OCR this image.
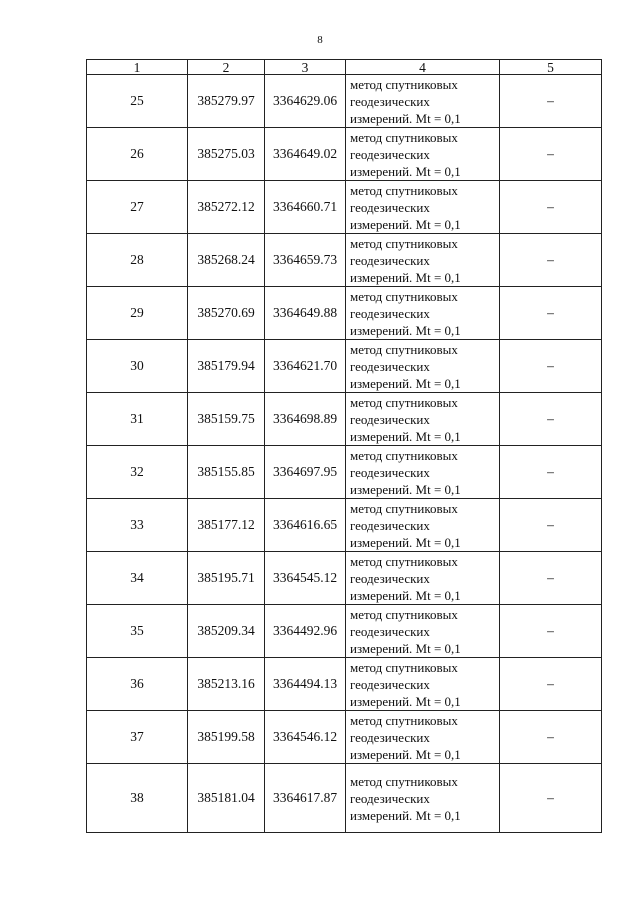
8
1	2	3	4	5
25	385279.97	3364629.06	метод спутниковых
геодезических
измерений. Mt = 0,1	–
26	385275.03	3364649.02	метод спутниковых
геодезических
измерений. Mt = 0,1	–
27	385272.12	3364660.71	метод спутниковых
геодезических
измерений. Mt = 0,1	–
28	385268.24	3364659.73	метод спутниковых
геодезических
измерений. Mt = 0,1	–
29	385270.69	3364649.88	метод спутниковых
геодезических
измерений. Mt = 0,1	–
30	385179.94	3364621.70	метод спутниковых
геодезических
измерений. Mt = 0,1	–
31	385159.75	3364698.89	метод спутниковых
геодезических
измерений. Mt = 0,1	–
32	385155.85	3364697.95	метод спутниковых
геодезических
измерений. Mt = 0,1	–
33	385177.12	3364616.65	метод спутниковых
геодезических
измерений. Mt = 0,1	–
34	385195.71	3364545.12	метод спутниковых
геодезических
измерений. Mt = 0,1	–
35	385209.34	3364492.96	метод спутниковых
геодезических
измерений. Mt = 0,1	–
36	385213.16	3364494.13	метод спутниковых
геодезических
измерений. Mt = 0,1	–
37	385199.58	3364546.12	метод спутниковых
геодезических
измерений. Mt = 0,1	–
38	385181.04	3364617.87	метод спутниковых
геодезических
измерений. Mt = 0,1	–
